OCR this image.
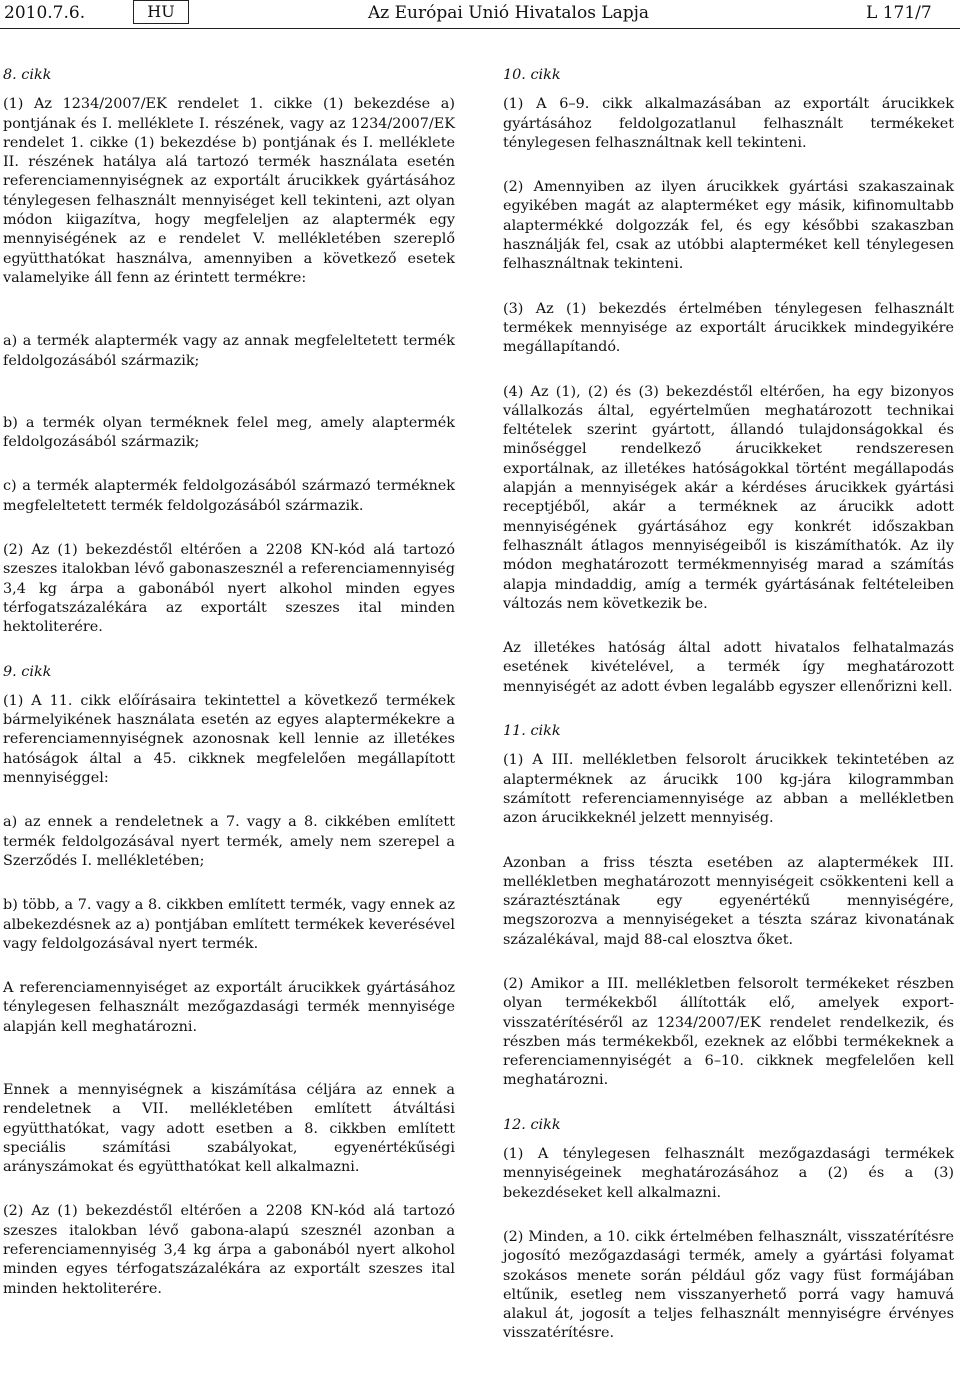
2010.7.6.	HU	Az Európai Unió Hivatalos Lapja	L 171/7

8. cikk

(1) Az 1234/2007/EK rendelet 1. cikke (1) bekezdése a) pontjának és I. melléklete I. részének, vagy az 1234/2007/EK rendelet 1. cikke (1) bekezdése b) pontjának és I. melléklete II. részének hatálya alá tartozó termék használata esetén referenciamennyiségnek az exportált árucikkek gyártásához ténylegesen felhasznált mennyiséget kell tekinteni, azt olyan módon kiigazítva, hogy megfeleljen az alaptermék egy mennyiségének az e rendelet V. mellékletében szereplő együtthatókat használva, amennyiben a következő esetek valamelyike áll fenn az érintett termékre:

a) a termék alaptermék vagy az annak megfeleltetett termék feldolgozásából származik;

b) a termék olyan terméknek felel meg, amely alaptermék feldolgozásából származik;

c) a termék alaptermék feldolgozásából származó terméknek megfeleltetett termék feldolgozásából származik.

(2) Az (1) bekezdéstől eltérően a 2208 KN-kód alá tartozó szeszes italokban lévő gabonaszesznél a referenciamennyiség 3,4 kg árpa a gabonából nyert alkohol minden egyes térfogatszázalékára az exportált szeszes ital minden hektoliterére.

9. cikk

(1) A 11. cikk előírásaira tekintettel a következő termékek bármelyikének használata esetén az egyes alaptermékekre a referenciamennyiségnek azonosnak kell lennie az illetékes hatóságok által a 45. cikknek megfelelően megállapított mennyiséggel:

a) az ennek a rendeletnek a 7. vagy a 8. cikkében említett termék feldolgozásával nyert termék, amely nem szerepel a Szerződés I. mellékletében;

b) több, a 7. vagy a 8. cikkben említett termék, vagy ennek az albekezdésnek az a) pontjában említett termékek keverésével vagy feldolgozásával nyert termék.

A referenciamennyiséget az exportált árucikkek gyártásához ténylegesen felhasznált mezőgazdasági termék mennyisége alapján kell meghatározni.

Ennek a mennyiségnek a kiszámítása céljára az ennek a rendeletnek a VII. mellékletében említett átváltási együtthatókat, vagy adott esetben a 8. cikkben említett speciális számítási szabályokat, egyenértékűségi arányszámokat és együtthatókat kell alkalmazni.

(2) Az (1) bekezdéstől eltérően a 2208 KN-kód alá tartozó szeszes italokban lévő gabona-alapú szesznél azonban a referenciamennyiség 3,4 kg árpa a gabonából nyert alkohol minden egyes térfogatszázalékára az exportált szeszes ital minden hektoliterére.

10. cikk

(1) A 6–9. cikk alkalmazásában az exportált árucikkek gyártásához feldolgozatlanul felhasznált termékeket ténylegesen felhasználtnak kell tekinteni.

(2) Amennyiben az ilyen árucikkek gyártási szakaszainak egyikében magát az alapterméket egy másik, kifinomultabb alaptermékké dolgozzák fel, és egy későbbi szakaszban használják fel, csak az utóbbi alapterméket kell ténylegesen felhasználtnak tekinteni.

(3) Az (1) bekezdés értelmében ténylegesen felhasznált termékek mennyisége az exportált árucikkek mindegyikére megállapítandó.

(4) Az (1), (2) és (3) bekezdéstől eltérően, ha egy bizonyos vállalkozás által, egyértelműen meghatározott technikai feltételek szerint gyártott, állandó tulajdonságokkal és minőséggel rendelkező árucikkeket rendszeresen exportálnak, az illetékes hatóságokkal történt megállapodás alapján a mennyiségek akár a kérdéses árucikkek gyártási receptjéből, akár a terméknek az árucikk adott mennyiségének gyártásához egy konkrét időszakban felhasznált átlagos mennyiségeiből is kiszámíthatók. Az ily módon meghatározott termékmennyiség marad a számítás alapja mindaddig, amíg a termék gyártásának feltételeiben változás nem következik be.

Az illetékes hatóság által adott hivatalos felhatalmazás esetének kivételével, a termék így meghatározott mennyiségét az adott évben legalább egyszer ellenőrizni kell.

11. cikk

(1) A III. mellékletben felsorolt árucikkek tekintetében az alapterméknek az árucikk 100 kg-jára kilogrammban számított referenciamennyisége az abban a mellékletben azon árucikkeknél jelzett mennyiség.

Azonban a friss tészta esetében az alaptermékek III. mellékletben meghatározott mennyiségeit csökkenteni kell a száraztésztának egy egyenértékű mennyiségére, megszorozva a mennyiségeket a tészta száraz kivonatának százalékával, majd 88-cal elosztva őket.

(2) Amikor a III. mellékletben felsorolt termékeket részben olyan termékekből állították elő, amelyek export-visszatérítéséről az 1234/2007/EK rendelet rendelkezik, és részben más termékekből, ezeknek az előbbi termékeknek a referenciamennyiségét a 6–10. cikknek megfelelően kell meghatározni.

12. cikk

(1) A ténylegesen felhasznált mezőgazdasági termékek mennyiségeinek meghatározásához a (2) és a (3) bekezdéseket kell alkalmazni.

(2) Minden, a 10. cikk értelmében felhasznált, visszatérítésre jogosító mezőgazdasági termék, amely a gyártási folyamat szokásos menete során például gőz vagy füst formájában eltűnik, esetleg nem visszanyerhető porrá vagy hamuvá alakul át, jogosít a teljes felhasznált mennyiségre érvényes visszatérítésre.
